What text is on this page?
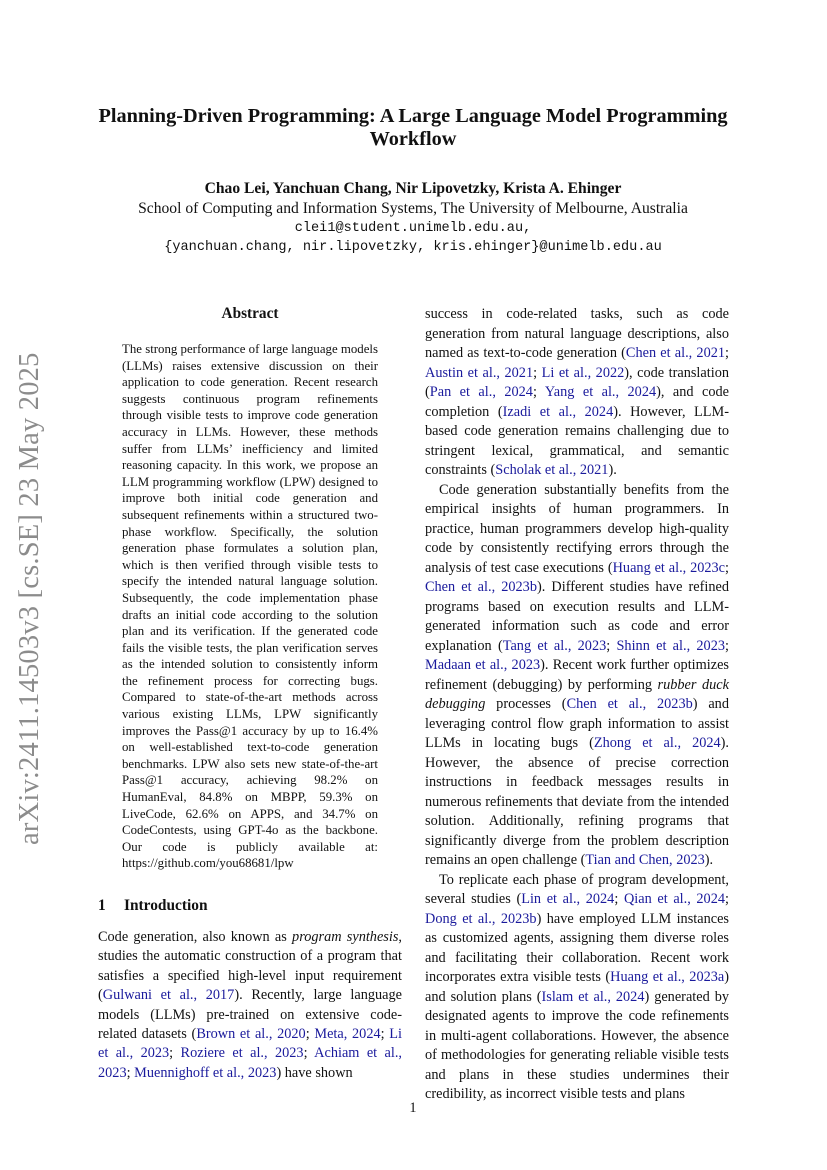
arXiv:2411.14503v3 [cs.SE] 23 May 2025
Planning-Driven Programming: A Large Language Model Programming Workflow
Chao Lei, Yanchuan Chang, Nir Lipovetzky, Krista A. Ehinger
School of Computing and Information Systems, The University of Melbourne, Australia
clei1@student.unimelb.edu.au,
{yanchuan.chang, nir.lipovetzky, kris.ehinger}@unimelb.edu.au
Abstract

The strong performance of large language models (LLMs) raises extensive discussion on their application to code generation. Recent research suggests continuous program refinements through visible tests to improve code generation accuracy in LLMs. However, these methods suffer from LLMs’ inefficiency and limited reasoning capacity. In this work, we propose an LLM programming workflow (LPW) designed to improve both initial code generation and subsequent refinements within a structured two-phase workflow. Specifically, the solution generation phase formulates a solution plan, which is then verified through visible tests to specify the intended natural language solution. Subsequently, the code implementation phase drafts an initial code according to the solution plan and its verification. If the generated code fails the visible tests, the plan verification serves as the intended solution to consistently inform the refinement process for correcting bugs. Compared to state-of-the-art methods across various existing LLMs, LPW significantly improves the Pass@1 accuracy by up to 16.4% on well-established text-to-code generation benchmarks. LPW also sets new state-of-the-art Pass@1 accuracy, achieving 98.2% on HumanEval, 84.8% on MBPP, 59.3% on LiveCode, 62.6% on APPS, and 34.7% on CodeContests, using GPT-4o as the backbone. Our code is publicly available at: https://github.com/you68681/lpw

1 Introduction

Code generation, also known as program synthesis, studies the automatic construction of a program that satisfies a specified high-level input requirement (Gulwani et al., 2017). Recently, large language models (LLMs) pre-trained on extensive code-related datasets (Brown et al., 2020; Meta, 2024; Li et al., 2023; Roziere et al., 2023; Achiam et al., 2023; Muennighoff et al., 2023) have shown

success in code-related tasks, such as code generation from natural language descriptions, also named as text-to-code generation (Chen et al., 2021; Austin et al., 2021; Li et al., 2022), code translation (Pan et al., 2024; Yang et al., 2024), and code completion (Izadi et al., 2024). However, LLM-based code generation remains challenging due to stringent lexical, grammatical, and semantic constraints (Scholak et al., 2021).

Code generation substantially benefits from the empirical insights of human programmers. In practice, human programmers develop high-quality code by consistently rectifying errors through the analysis of test case executions (Huang et al., 2023c; Chen et al., 2023b). Different studies have refined programs based on execution results and LLM-generated information such as code and error explanation (Tang et al., 2023; Shinn et al., 2023; Madaan et al., 2023). Recent work further optimizes refinement (debugging) by performing rubber duck debugging processes (Chen et al., 2023b) and leveraging control flow graph information to assist LLMs in locating bugs (Zhong et al., 2024). However, the absence of precise correction instructions in feedback messages results in numerous refinements that deviate from the intended solution. Additionally, refining programs that significantly diverge from the problem description remains an open challenge (Tian and Chen, 2023).

To replicate each phase of program development, several studies (Lin et al., 2024; Qian et al., 2024; Dong et al., 2023b) have employed LLM instances as customized agents, assigning them diverse roles and facilitating their collaboration. Recent work incorporates extra visible tests (Huang et al., 2023a) and solution plans (Islam et al., 2024) generated by designated agents to improve the code refinements in multi-agent collaborations. However, the absence of methodologies for generating reliable visible tests and plans in these studies undermines their credibility, as incorrect visible tests and plans

1
